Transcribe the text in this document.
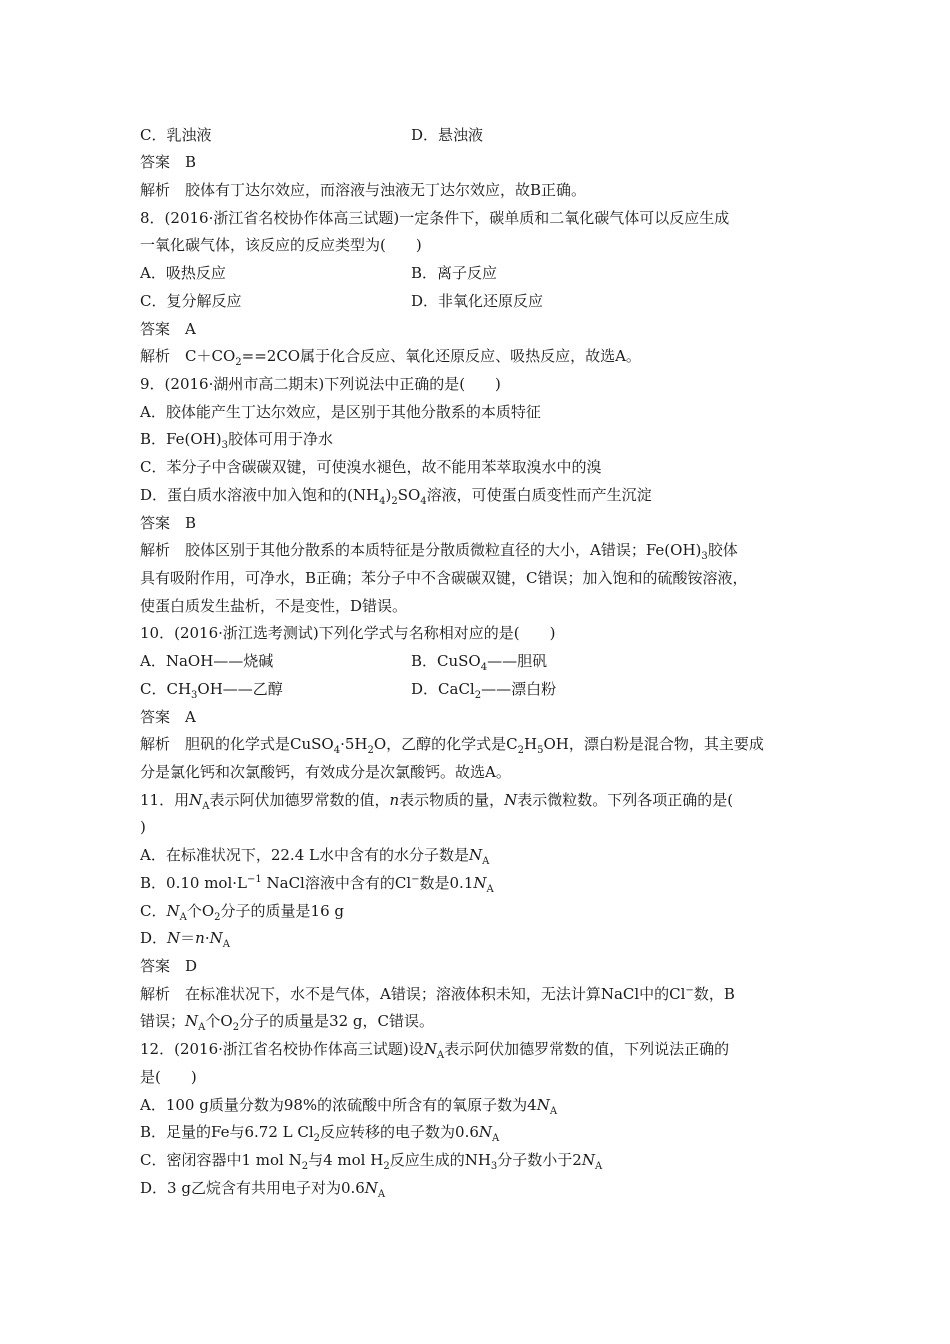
C．乳浊液	D．悬浊液
答案　B
解析　胶体有丁达尔效应，而溶液与浊液无丁达尔效应，故B正确。
8．(2016·浙江省名校协作体高三试题)一定条件下，碳单质和二氧化碳气体可以反应生成
一氧化碳气体，该反应的反应类型为(　　)
A．吸热反应	B．离子反应
C．复分解反应	D．非氧化还原反应
答案　A
解析　$C+CO_2==2CO$属于化合反应、氧化还原反应、吸热反应，故选A。
9．(2016·湖州市高二期末)下列说法中正确的是(　　)
A．胶体能产生丁达尔效应，是区别于其他分散系的本质特征
B．$Fe(OH)_3$胶体可用于净水
C．苯分子中含碳碳双键，可使溴水褪色，故不能用苯萃取溴水中的溴
D．蛋白质水溶液中加入饱和的$(NH_4)_2SO_4$溶液，可使蛋白质变性而产生沉淀
答案　B
解析　胶体区别于其他分散系的本质特征是分散质微粒直径的大小，A错误；$Fe(OH)_3$胶体
具有吸附作用，可净水，B正确；苯分子中不含碳碳双键，C错误；加入饱和的硫酸铵溶液，
使蛋白质发生盐析，不是变性，D错误。
10．(2016·浙江选考测试)下列化学式与名称相对应的是(　　)
A．NaOH——烧碱	B．CuSO$_4$——胆矾
C．$CH_3OH——$乙醇	D．CaCl$_2$——漂白粉
答案　A
解析　胆矾的化学式是$CuSO_4\cdot 5H_2O$，乙醇的化学式是$C_2H_5OH$，漂白粉是混合物，其主要成
分是氯化钙和次氯酸钙，有效成分是次氯酸钙。故选A。
11．用$N_A$表示阿伏加德罗常数的值，n表示物质的量，N表示微粒数。下列各项正确的是(
)
A．在标准状况下，22.4 L水中含有的水分子数是$N_A$
B．0.10 $mol\cdot L^{-1}$ NaCl溶液中含有的Cl−数是$0.1N_A$
C．$N_A$个$O_2$分子的质量是16 g
D．$N=n\cdot N_A$
答案　D
解析　在标准状况下，水不是气体，A错误；溶液体积未知，无法计算NaCl中的Cl−数，B
错误；$N_A$个$O_2$分子的质量是32 g，C错误。
12．(2016·浙江省名校协作体高三试题)设$N_A$表示阿伏加德罗常数的值，下列说法正确的
是(　　)
A．100 g质量分数为98%的浓硫酸中所含有的氧原子数为$4N_A$
B．足量的Fe与6.72 L $Cl_2$反应转移的电子数为$0.6N_A$
C．密闭容器中1 mol $N_2$与4 mol $H_2$反应生成的$NH_3$分子数小于$2N_A$
D．3 g乙烷含有共用电子对为$0.6N_A$
